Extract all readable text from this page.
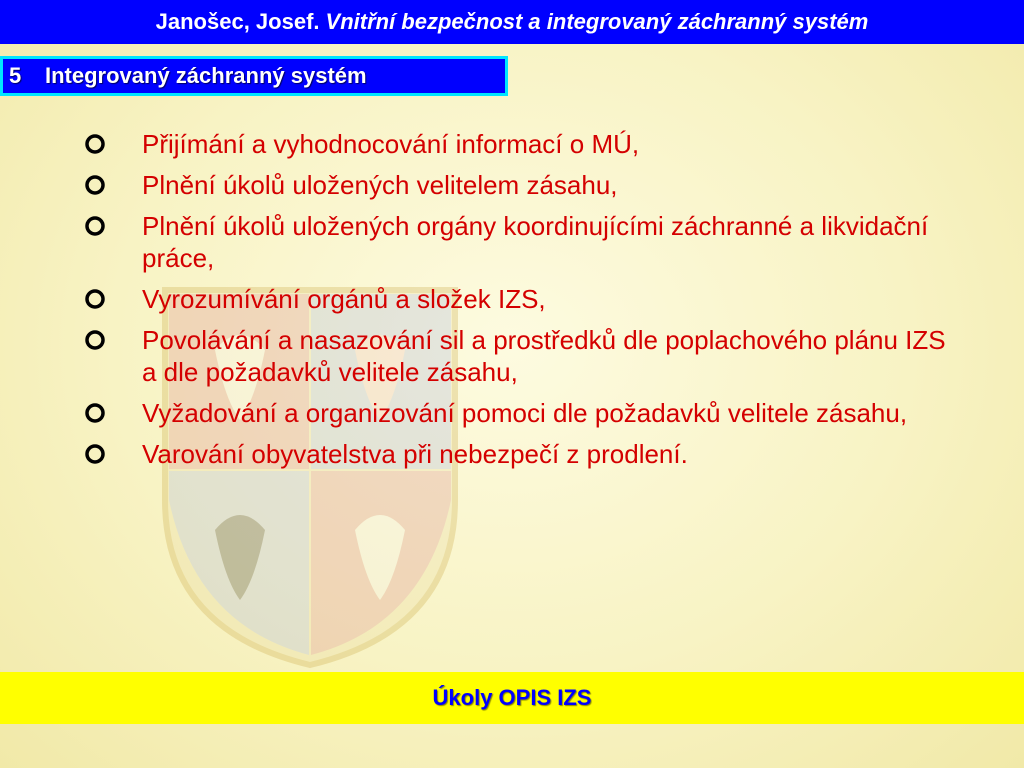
Janošec, Josef. Vnitřní bezpečnost a integrovaný záchranný systém
5	Integrovaný záchranný systém
Přijímání a vyhodnocování informací o MÚ,
Plnění úkolů uložených velitelem zásahu,
Plnění úkolů uložených orgány koordinujícími záchranné a likvidační práce,
Vyrozumívání orgánů a složek IZS,
Povolávání a nasazování sil a prostředků dle poplachového plánu IZS a dle požadavků velitele zásahu,
Vyžadování a organizování pomoci dle požadavků velitele zásahu,
Varování obyvatelstva při nebezpečí z prodlení.
Úkoly OPIS IZS
